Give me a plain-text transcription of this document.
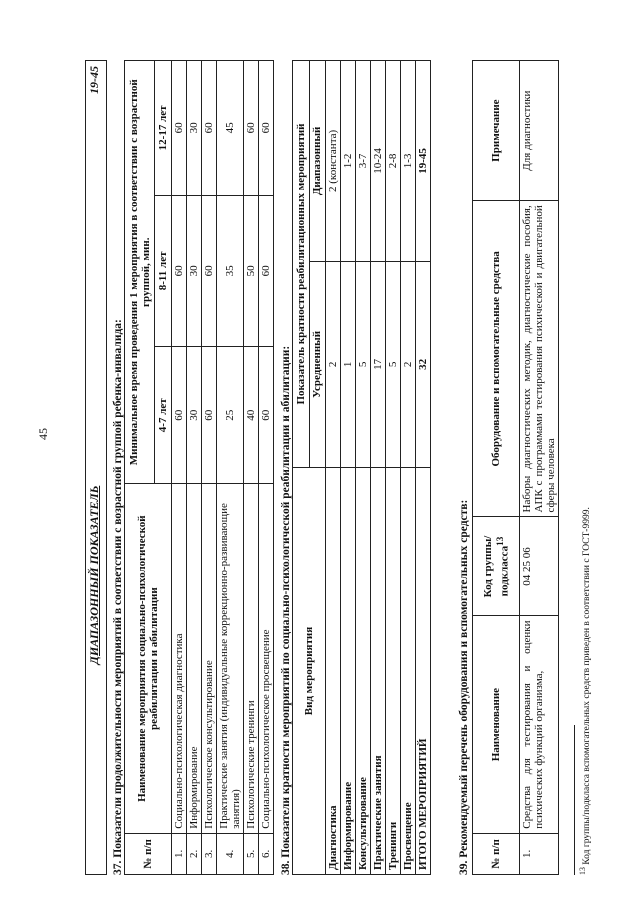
45
ДИАПАЗОННЫЙ ПОКАЗАТЕЛЬ
19-45
37. Показатели продолжительности мероприятий в соответствии с возрастной группой ребенка-инвалида: № п/п	Наименование мероприятия социально-психологической реабилитации и абилитации	Минимальное время проведения 1 мероприятия в соответствии с возрастной группой, мин.		
		4-7 лет	8-11 лет	12-17 лет
1.	Социально-психологическая диагностика	60	60	60
2.	Информирование	30	30	30
3.	Психологическое консультирование	60	60	60
4.	Практические занятия (индивидуальные коррекционно-развивающие занятия)	25	35	45
5.	Психологические тренинги	40	50	60
6.	Социально-психологическое просвещение	60	60	60
38. Показатели кратности мероприятий по социально-психологической реабилитации и абилитации: Вид мероприятия	Показатель кратности реабилитационных мероприятий	
	Усредненный	Диапазонный
Диагностика	2	2 (константа)
Информирование	1	1-2
Консультирование	5	3-7
Практические занятия	17	10-24
Тренинги	5	2-8
Просвещение	2	1-3
ИТОГО МЕРОПРИЯТИЙ	32	19-45
39. Рекомендуемый перечень оборудования и вспомогательных средств: № п/п	Наименование	Код группы/подкласса$^{13}$	Оборудование и вспомогательные средства	Примечание
1.	Средства для тестирования и оценки психических функций организма,	04 25 06	Наборы диагностических методик, диагностические пособия, АПК с программами тестирования психической и двигательной сферы человека	Для диагностики
$^{13}$ Код группы/подкласса вспомогательных средств приведен в соответствии с ГОСТ-9999.
